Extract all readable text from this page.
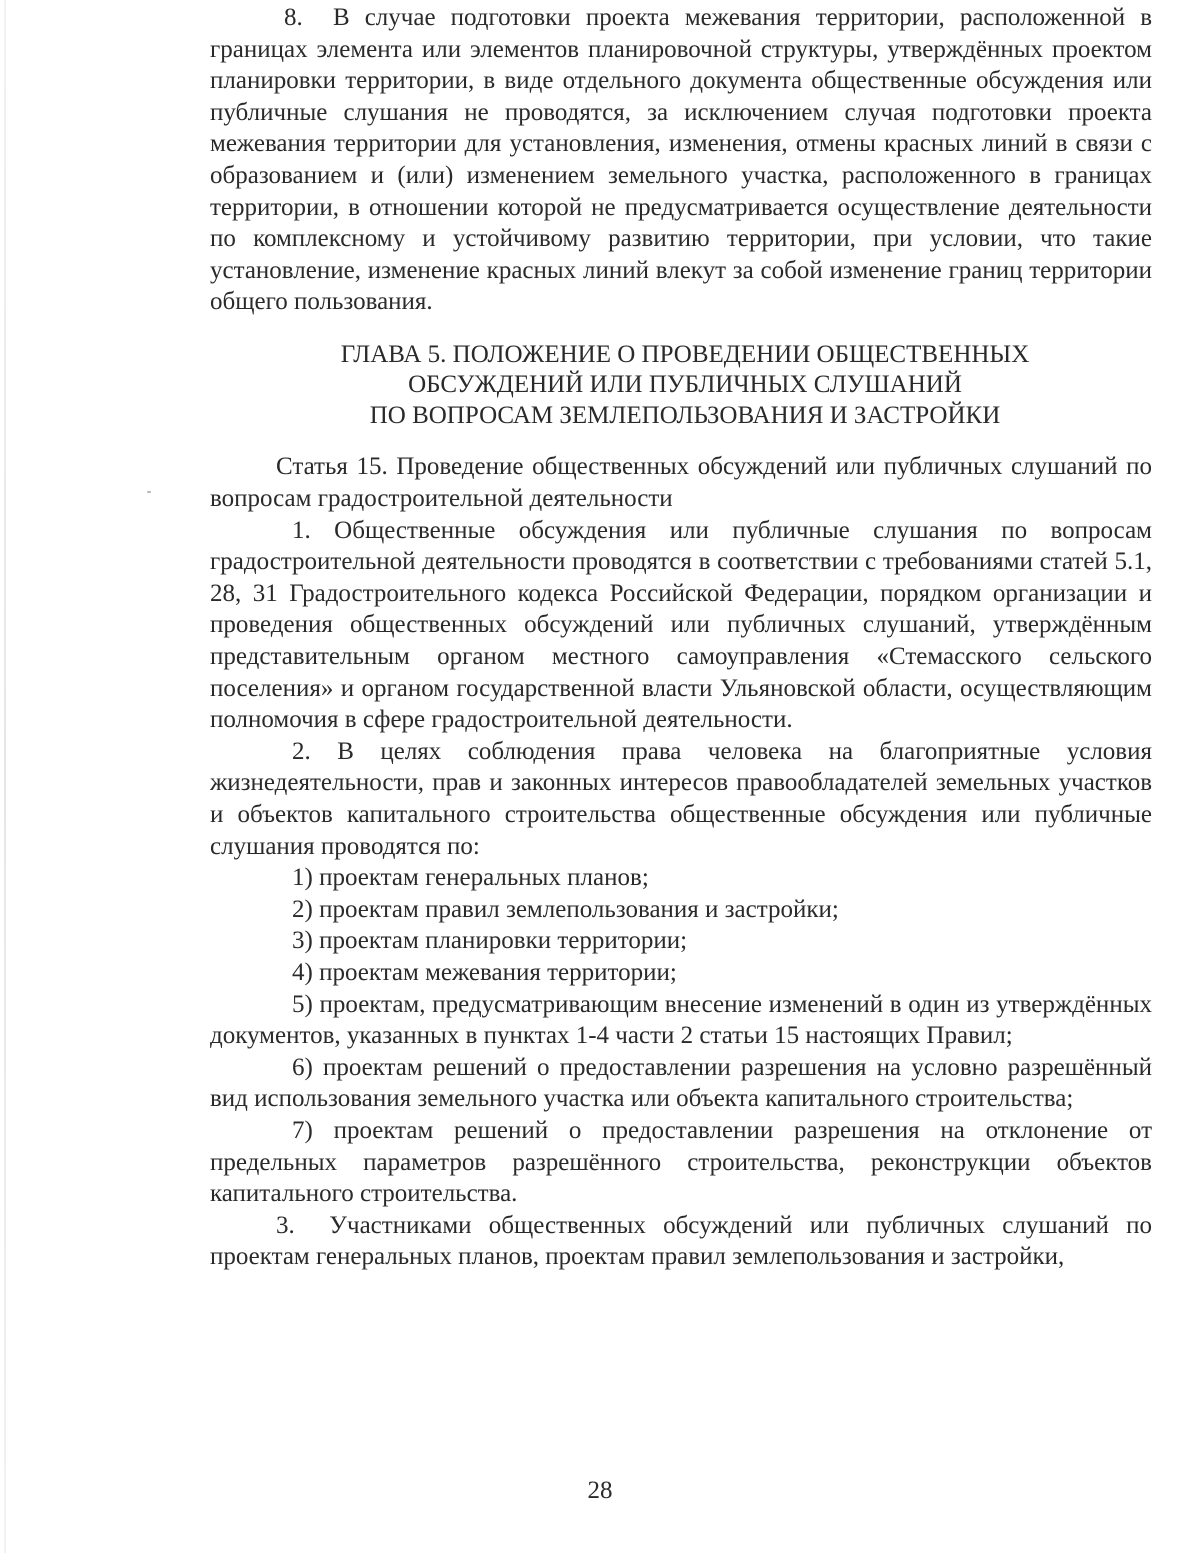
8.  В случае подготовки проекта межевания территории, расположенной в границах элемента или элементов планировочной структуры, утверждённых проектом планировки территории, в виде отдельного документа общественные обсуждения или публичные слушания не проводятся, за исключением случая подготовки проекта межевания территории для установления, изменения, отмены красных линий в связи с образованием и (или) изменением земельного участка, расположенного в границах территории, в отношении которой не предусматривается осуществление деятельности по комплексному и устойчивому развитию территории, при условии, что такие установление, изменение красных линий влекут за собой изменение границ территории общего пользования.

ГЛАВА 5. ПОЛОЖЕНИЕ О ПРОВЕДЕНИИ ОБЩЕСТВЕННЫХ
ОБСУЖДЕНИЙ ИЛИ ПУБЛИЧНЫХ СЛУШАНИЙ
ПО ВОПРОСАМ ЗЕМЛЕПОЛЬЗОВАНИЯ И ЗАСТРОЙКИ

Статья 15. Проведение общественных обсуждений или публичных слушаний по вопросам градостроительной деятельности

1. Общественные обсуждения или публичные слушания по вопросам градостроительной деятельности проводятся в соответствии с требованиями статей 5.1, 28, 31 Градостроительного кодекса Российской Федерации, порядком организации и проведения общественных обсуждений или публичных слушаний, утверждённым представительным органом местного самоуправления «Стемасского сельского поселения» и органом государственной власти Ульяновской области, осуществляющим полномочия в сфере градостроительной деятельности.

2. В целях соблюдения права человека на благоприятные условия жизнедеятельности, прав и законных интересов правообладателей земельных участков и объектов капитального строительства общественные обсуждения или публичные слушания проводятся по:

1) проектам генеральных планов;

2) проектам правил землепользования и застройки;

3) проектам планировки территории;

4) проектам межевания территории;

5) проектам, предусматривающим внесение изменений в один из утверждённых документов, указанных в пунктах 1-4 части 2 статьи 15 настоящих Правил;

6) проектам решений о предоставлении разрешения на условно разрешённый вид использования земельного участка или объекта капитального строительства;

7) проектам решений о предоставлении разрешения на отклонение от предельных параметров разрешённого строительства, реконструкции объектов капитального строительства.

3.  Участниками общественных обсуждений или публичных слушаний по проектам генеральных планов, проектам правил землепользования и застройки,

28
